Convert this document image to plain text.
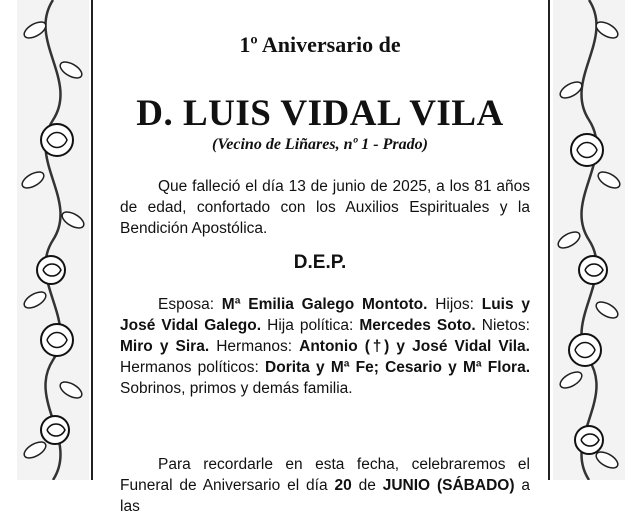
1º Aniversario de

D. LUIS VIDAL VILA

(Vecino de Liñares, nº 1 - Prado)

Que falleció el día 13 de junio de 2025, a los 81 años de edad, confortado con los Auxilios Espirituales y la Bendición Apostólica.

D.E.P.

Esposa: Mª Emilia Galego Montoto. Hijos: Luis y José Vidal Galego. Hija política: Mercedes Soto. Nietos: Miro y Sira. Hermanos: Antonio (†) y José Vidal Vila. Hermanos políticos: Dorita y Mª Fe; Cesario y Mª Flora. Sobrinos, primos y demás familia.

Para recordarle en esta fecha, celebraremos el Funeral de Aniversario el día 20 de JUNIO (SÁBADO) a las
